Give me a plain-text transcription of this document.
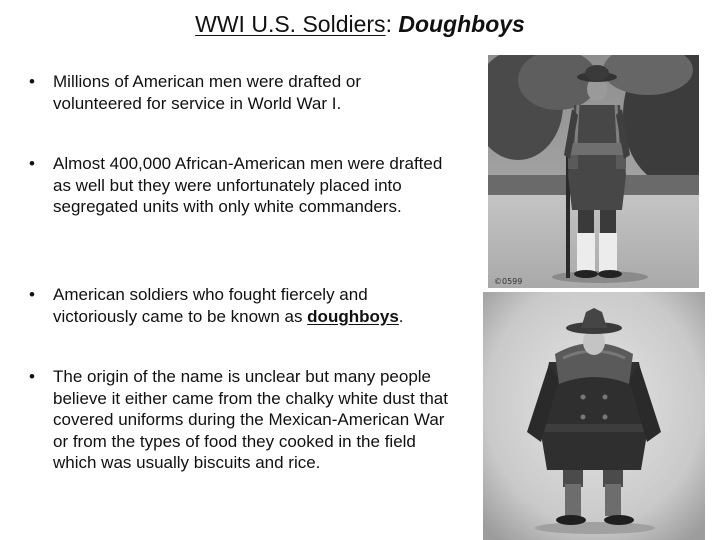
WWI U.S. Soldiers: Doughboys
• Millions of American men were drafted or volunteered for service in World War I.
• Almost 400,000 African-American men were drafted as well but they were unfortunately placed into segregated units with only white commanders.
• American soldiers who fought fiercely and victoriously came to be known as doughboys.
• The origin of the name is unclear but many people believe it either came from the chalky white dust that covered uniforms during the Mexican-American War or from the types of food they cooked in the field which was usually biscuits and rice.
©0599
